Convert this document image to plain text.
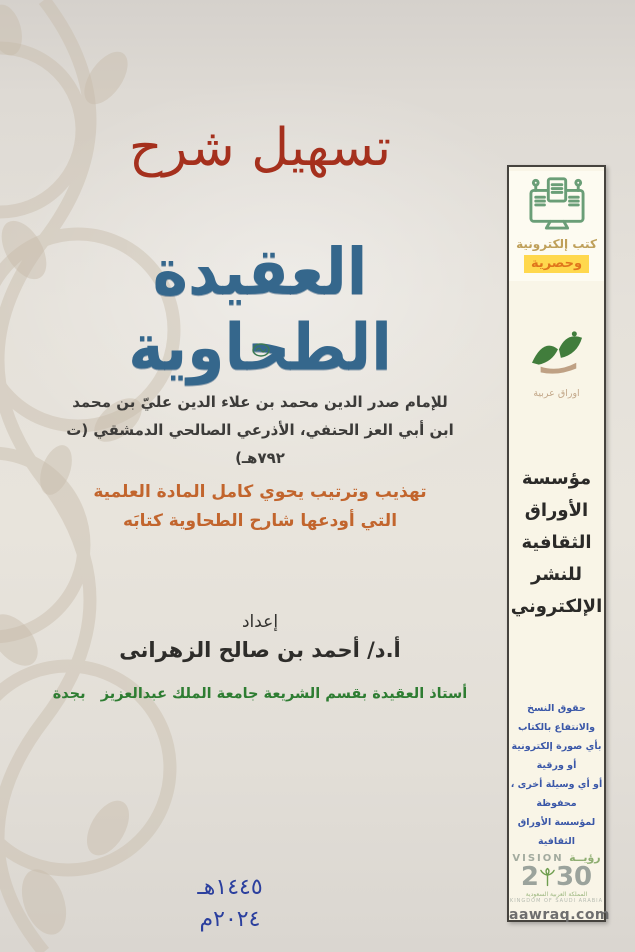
تسهيل شرح
العقيدة الطحاوية
للإمام صدر الدين محمد بن علاء الدين عليّ بن محمد
ابن أبي العز الحنفي، الأذرعي الصالحي الدمشقي (ت ٧٩٢هـ)
تهذيب وترتيب يحوي كامل المادة العلمية
التي أودعها شارح الطحاوية كتابَه
إعداد
أ.د/ أحمد بن صالح الزهرانى
أستاذ العقيدة بقسم الشريعة جامعة الملك عبدالعزيز   بجدة
١٤٤٥هـ
٢٠٢٤م
كتب إلكترونية
وحصرية
اوراق عربية
مؤسسة
الأوراق
الثقافية
للنشر
الإلكتروني
حقوق النسخ والانتفاع بالكتاب
بأي صورة إلكترونية أو ورقية
أو أي وسيلة أخرى ، محفوظة
لمؤسسة الأوراق الثقافية
VISION رؤيــة
2 30
المملكة العربية السعودية
KINGDOM OF SAUDI ARABIA
aawraq.com
